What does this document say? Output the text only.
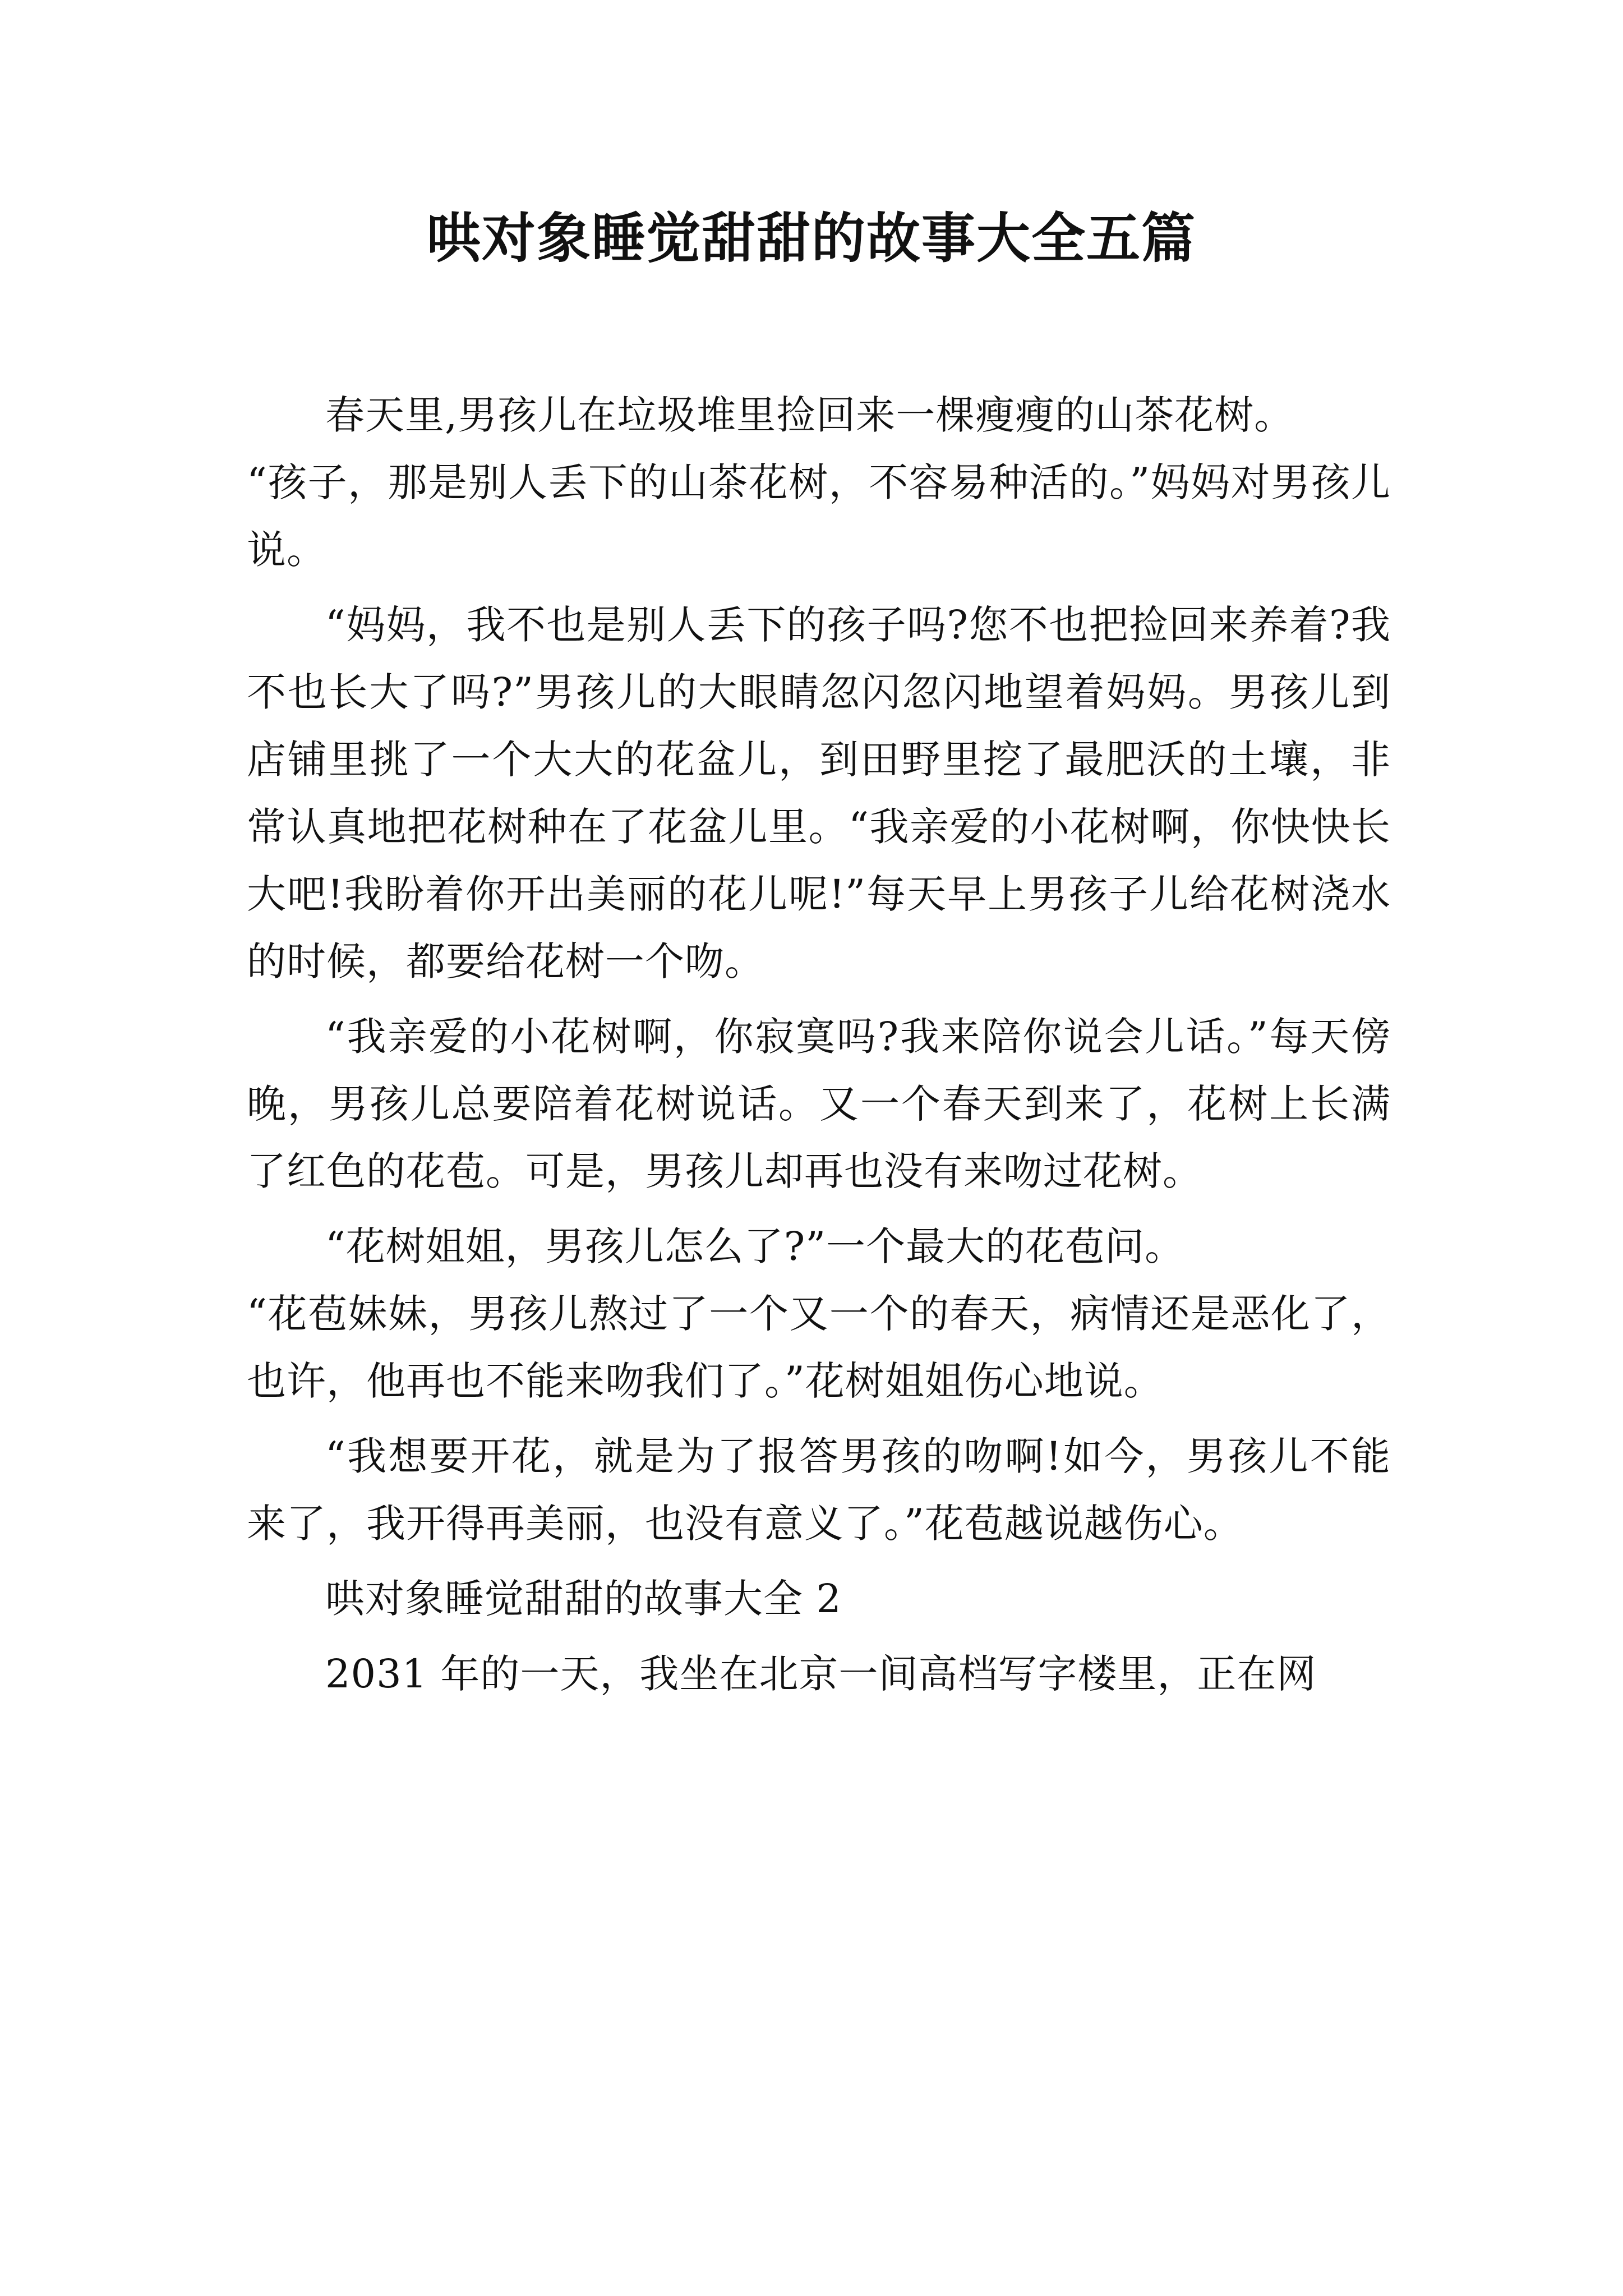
哄对象睡觉甜甜的故事大全五篇

春天里,男孩儿在垃圾堆里捡回来一棵瘦瘦的山茶花树。

“孩子，那是别人丢下的山茶花树，不容易种活的。”妈妈对男孩儿说。

“妈妈，我不也是别人丢下的孩子吗?您不也把捡回来养着?我不也长大了吗?”男孩儿的大眼睛忽闪忽闪地望着妈妈。男孩儿到店铺里挑了一个大大的花盆儿，到田野里挖了最肥沃的土壤，非常认真地把花树种在了花盆儿里。“我亲爱的小花树啊，你快快长大吧!我盼着你开出美丽的花儿呢!”每天早上男孩子儿给花树浇水的时候，都要给花树一个吻。

“我亲爱的小花树啊，你寂寞吗?我来陪你说会儿话。”每天傍晚，男孩儿总要陪着花树说话。又一个春天到来了，花树上长满了红色的花苞。可是，男孩儿却再也没有来吻过花树。

“花树姐姐，男孩儿怎么了?”一个最大的花苞问。

“花苞妹妹，男孩儿熬过了一个又一个的春天，病情还是恶化了，也许，他再也不能来吻我们了。”花树姐姐伤心地说。

“我想要开花，就是为了报答男孩的吻啊!如今，男孩儿不能来了，我开得再美丽，也没有意义了。”花苞越说越伤心。

哄对象睡觉甜甜的故事大全 2

2031 年的一天，我坐在北京一间高档写字楼里，正在网
